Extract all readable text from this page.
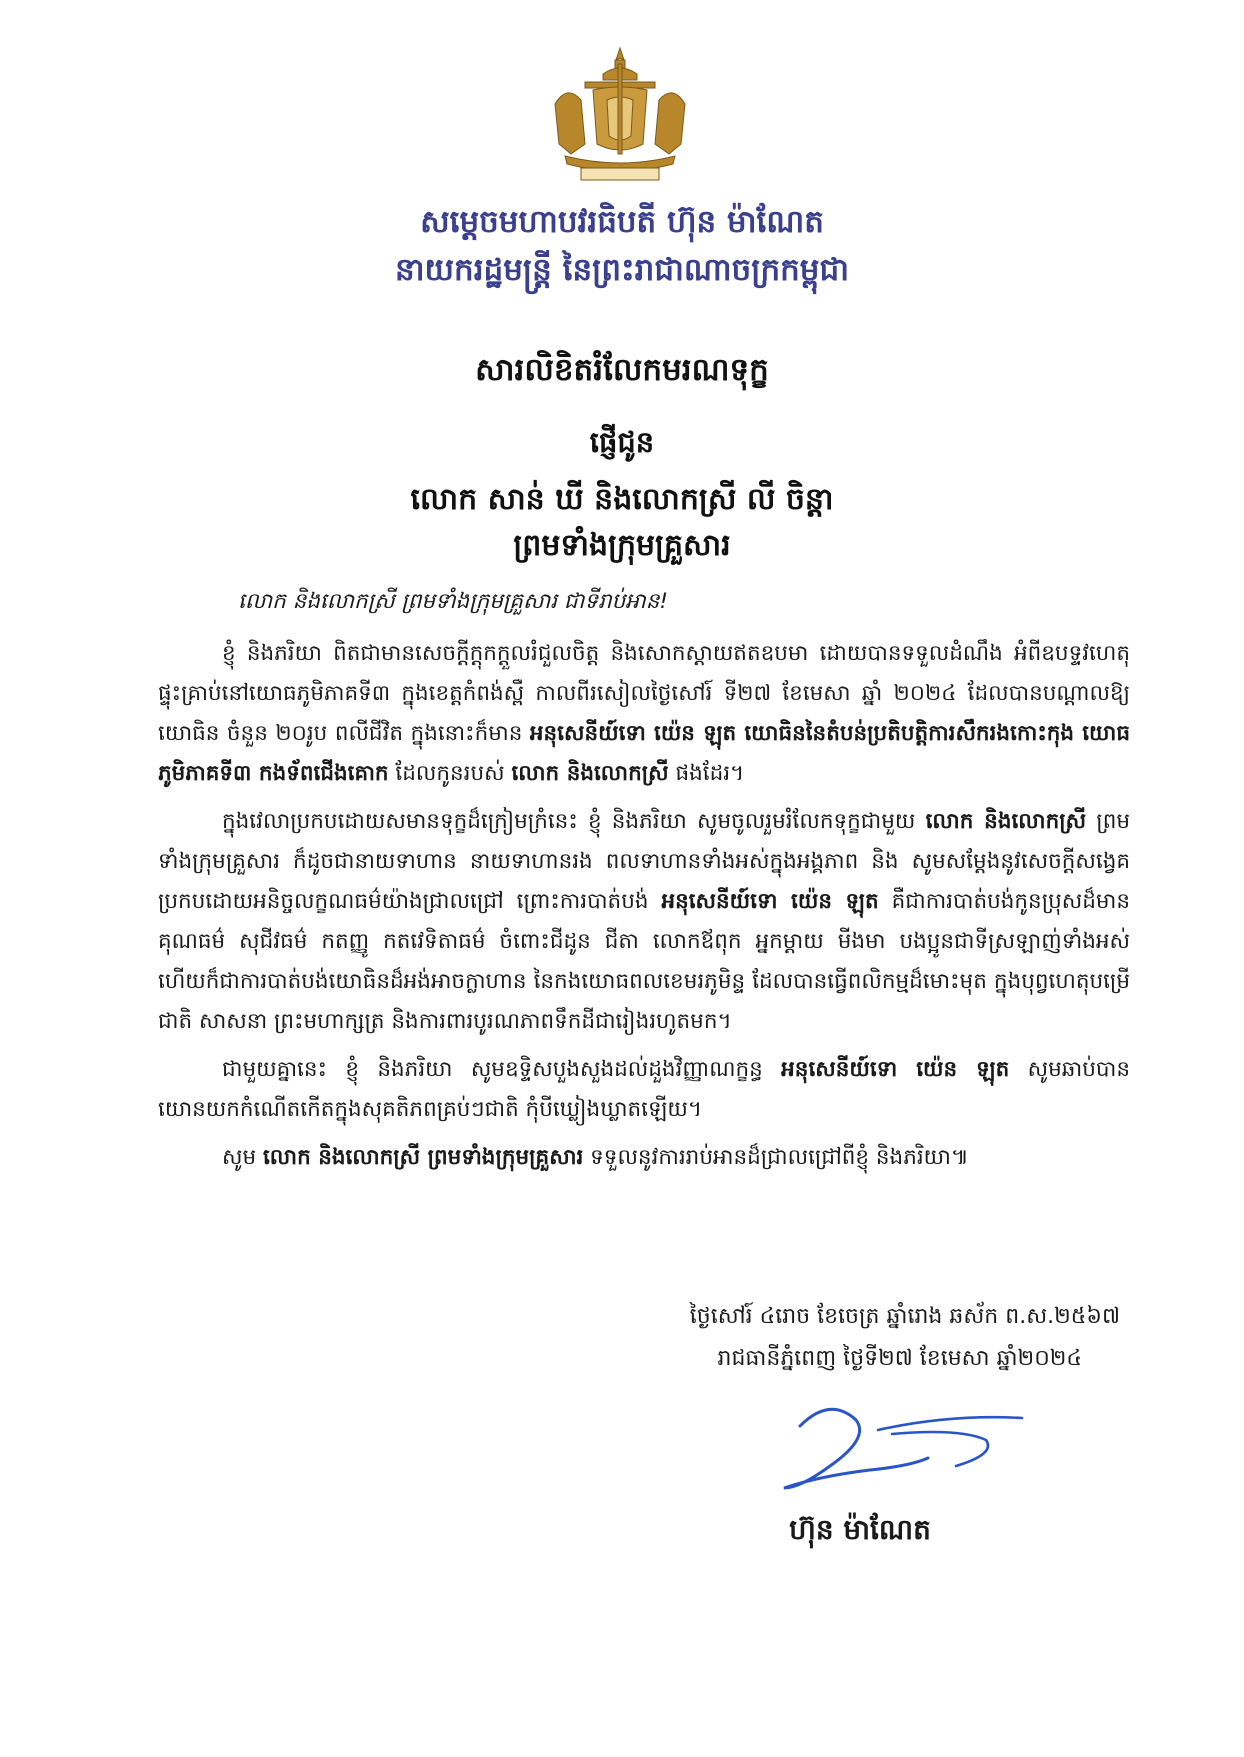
សម្ដេចមហាបវរធិបតី ហ៊ុន ម៉ាណែត
នាយករដ្ឋមន្ត្រី នៃព្រះរាជាណាចក្រកម្ពុជា
សារលិខិតរំលែកមរណទុក្ខ
ផ្ញើជូន
លោក សាន់ ឃី និងលោកស្រី លី ចិន្តា
ព្រមទាំងក្រុមគ្រួសារ

លោក និងលោកស្រី ព្រមទាំងក្រុមគ្រួសារ ជាទីរាប់អាន!

ខ្ញុំ និងភរិយា ពិតជាមានសេចក្តីក្តុកក្តួលរំជួលចិត្ត និងសោកស្តាយឥតឧបមា ដោយបានទទួលដំណឹង អំពីឧបទ្ទវហេតុផ្ទុះគ្រាប់នៅយោធភូមិភាគទី៣ ក្នុងខេត្តកំពង់ស្ពឺ កាលពីរសៀលថ្ងៃសៅរ៍ ទី២៧ ខែមេសា ឆ្នាំ ២០២៤ ដែលបានបណ្តាលឱ្យយោធិន ចំនួន ២០រូប ពលីជីវិត ក្នុងនោះក៏មាន អនុសេនីយ៍ទោ យ៉េន ឡុត យោធិននៃតំបន់ប្រតិបត្តិការសឹករងកោះកុង យោធភូមិភាគទី៣ កងទ័ពជើងគោក ដែលកូនរបស់ លោក និងលោកស្រី ផងដែរ។

ក្នុងវេលាប្រកបដោយសមានទុក្ខដ៏ក្រៀមក្រំនេះ ខ្ញុំ និងភរិយា សូមចូលរួមរំលែកទុក្ខជាមួយ លោក និងលោកស្រី ព្រមទាំងក្រុមគ្រួសារ ក៏ដូចជានាយទាហាន នាយទាហានរង ពលទាហានទាំងអស់ក្នុងអង្គភាព និង សូមសម្តែងនូវសេចក្តីសង្វេគប្រកបដោយអនិច្ចលក្ខណធម៌យ៉ាងជ្រាលជ្រៅ ព្រោះការបាត់បង់ អនុសេនីយ៍ទោ យ៉េន ឡុត គឺជាការបាត់បង់កូនប្រុសដ៏មានគុណធម៌ សុជីវធម៌ កតញ្ញូ កតវេទិតាធម៌ ចំពោះជីដូន ជីតា លោកឪពុក អ្នកម្តាយ មីងមា បងប្អូនជាទីស្រឡាញ់ទាំងអស់ ហើយក៏ជាការបាត់បង់យោធិនដ៏អង់អាចក្លាហាន នៃកងយោធពលខេមរភូមិន្ទ ដែលបានធ្វើពលិកម្មដ៏មោះមុត ក្នុងបុព្វហេតុបម្រើជាតិ សាសនា ព្រះមហាក្សត្រ និងការពារបូរណភាពទឹកដីជារៀងរហូតមក។

ជាមួយគ្នានេះ ខ្ញុំ និងភរិយា សូមឧទ្ទិសបួងសួងដល់ដួងវិញ្ញាណក្ខន្ធ អនុសេនីយ៍ទោ យ៉េន ឡុត សូមឆាប់បានយោនយកកំណើតកើតក្នុងសុគតិភពគ្រប់ៗជាតិ កុំបីឃ្លៀងឃ្លាតឡើយ។

សូម លោក និងលោកស្រី ព្រមទាំងក្រុមគ្រួសារ ទទួលនូវការរាប់អានដ៏ជ្រាលជ្រៅពីខ្ញុំ និងភរិយា៕

ថ្ងៃសៅរ៍ ៤រោច ខែចេត្រ ឆ្នាំរោង ឆស័ក ព.ស.២៥៦៧
រាជធានីភ្នំពេញ ថ្ងៃទី២៧ ខែមេសា ឆ្នាំ២០២៤
ហ៊ុន ម៉ាណែត
